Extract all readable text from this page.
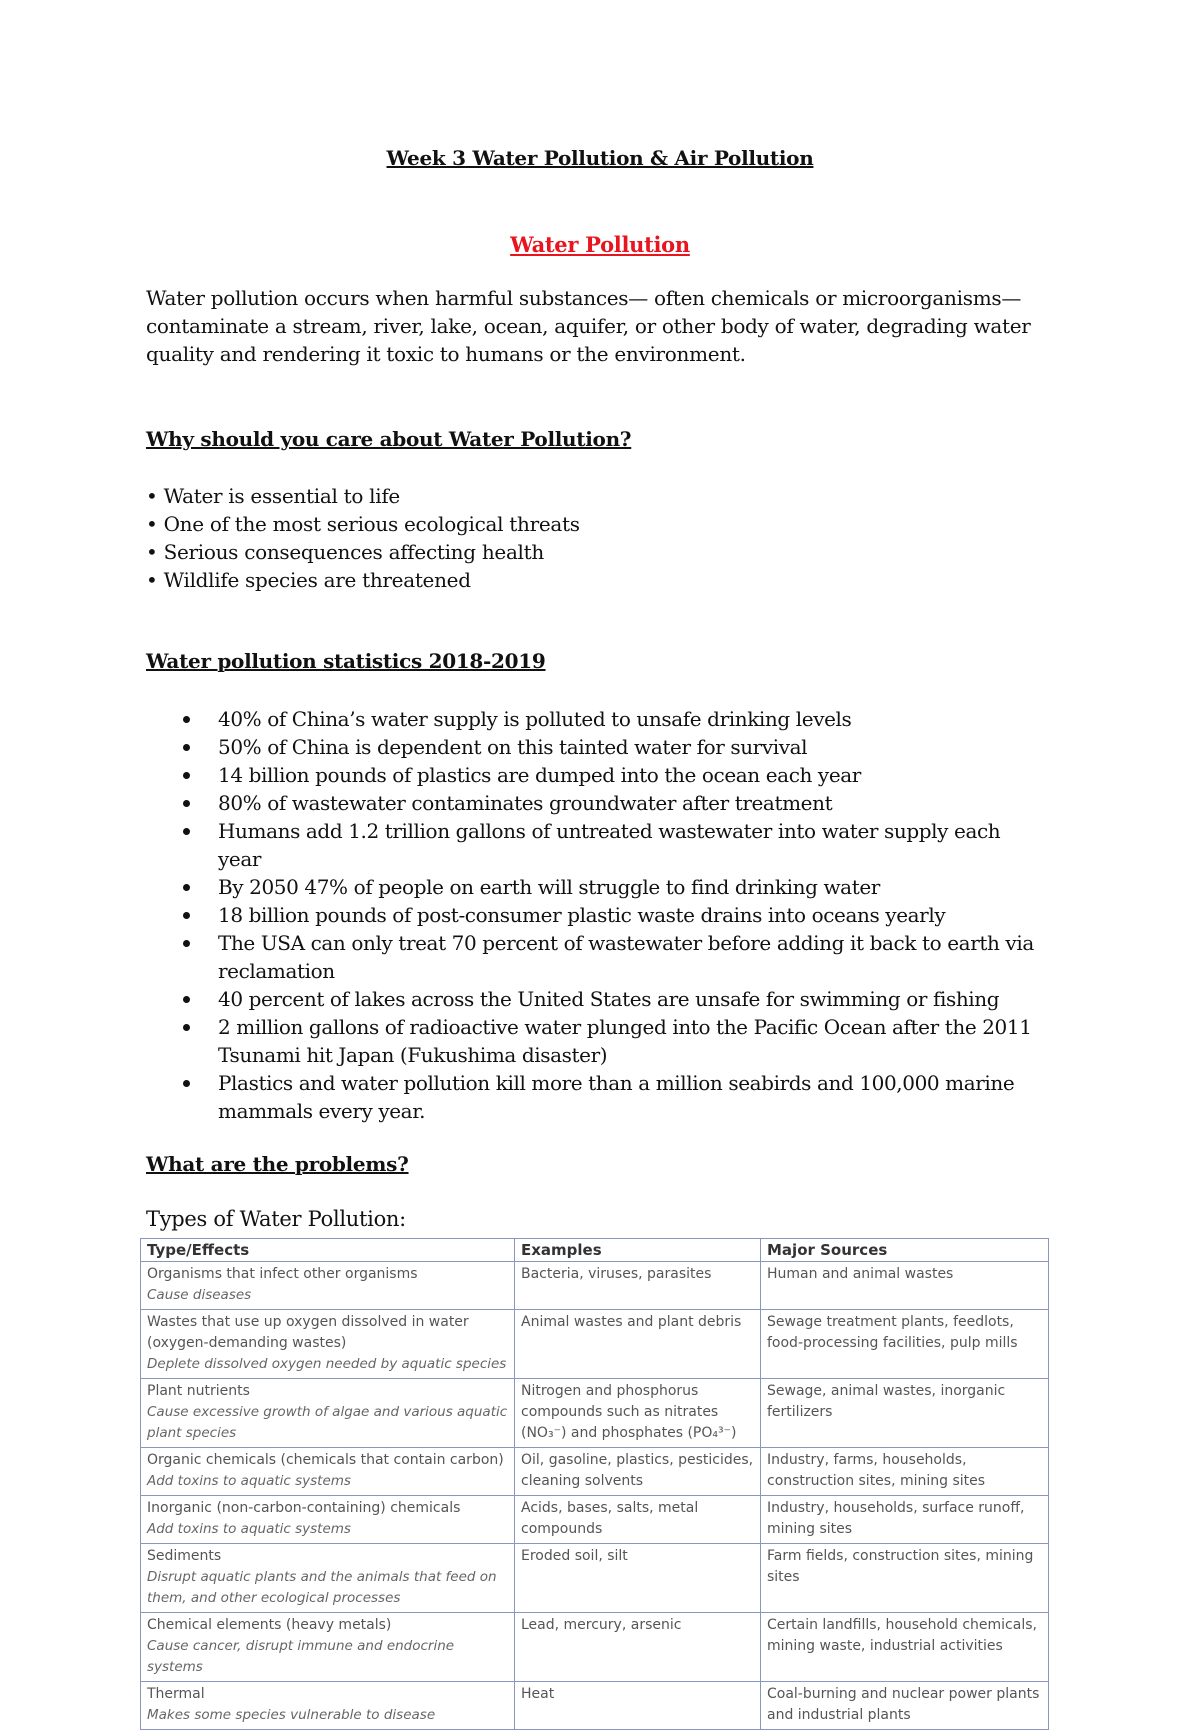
Week 3 Water Pollution & Air Pollution
Water Pollution
Water pollution occurs when harmful substances— often chemicals or microorganisms— contaminate a stream, river, lake, ocean, aquifer, or other body of water, degrading water quality and rendering it toxic to humans or the environment.
Why should you care about Water Pollution?
• Water is essential to life
• One of the most serious ecological threats
• Serious consequences affecting health
• Wildlife species are threatened
Water pollution statistics 2018-2019
40% of China’s water supply is polluted to unsafe drinking levels
50% of China is dependent on this tainted water for survival
14 billion pounds of plastics are dumped into the ocean each year
80% of wastewater contaminates groundwater after treatment
Humans add 1.2 trillion gallons of untreated wastewater into water supply each year
By 2050 47% of people on earth will struggle to find drinking water
18 billion pounds of post-consumer plastic waste drains into oceans yearly
The USA can only treat 70 percent of wastewater before adding it back to earth via reclamation
40 percent of lakes across the United States are unsafe for swimming or fishing
2 million gallons of radioactive water plunged into the Pacific Ocean after the 2011 Tsunami hit Japan (Fukushima disaster)
Plastics and water pollution kill more than a million seabirds and 100,000 marine mammals every year.
What are the problems?
Types of Water Pollution:
Type/Effects	Examples	Major Sources

Organisms that infect other organisms
Cause diseases	Bacteria, viruses, parasites	Human and animal wastes

Wastes that use up oxygen dissolved in water (oxygen-demanding wastes)
Deplete dissolved oxygen needed by aquatic species	Animal wastes and plant debris	Sewage treatment plants, feedlots, food-processing facilities, pulp mills

Plant nutrients
Cause excessive growth of algae and various aquatic plant species	Nitrogen and phosphorus compounds such as nitrates (NO₃⁻) and phosphates (PO₄³⁻)	Sewage, animal wastes, inorganic fertilizers

Organic chemicals (chemicals that contain carbon)
Add toxins to aquatic systems	Oil, gasoline, plastics, pesticides, cleaning solvents	Industry, farms, households, construction sites, mining sites

Inorganic (non-carbon-containing) chemicals
Add toxins to aquatic systems	Acids, bases, salts, metal compounds	Industry, households, surface runoff, mining sites

Sediments
Disrupt aquatic plants and the animals that feed on them, and other ecological processes	Eroded soil, silt	Farm fields, construction sites, mining sites

Chemical elements (heavy metals)
Cause cancer, disrupt immune and endocrine systems	Lead, mercury, arsenic	Certain landfills, household chemicals, mining waste, industrial activities

Thermal
Makes some species vulnerable to disease	Heat	Coal-burning and nuclear power plants and industrial plants
